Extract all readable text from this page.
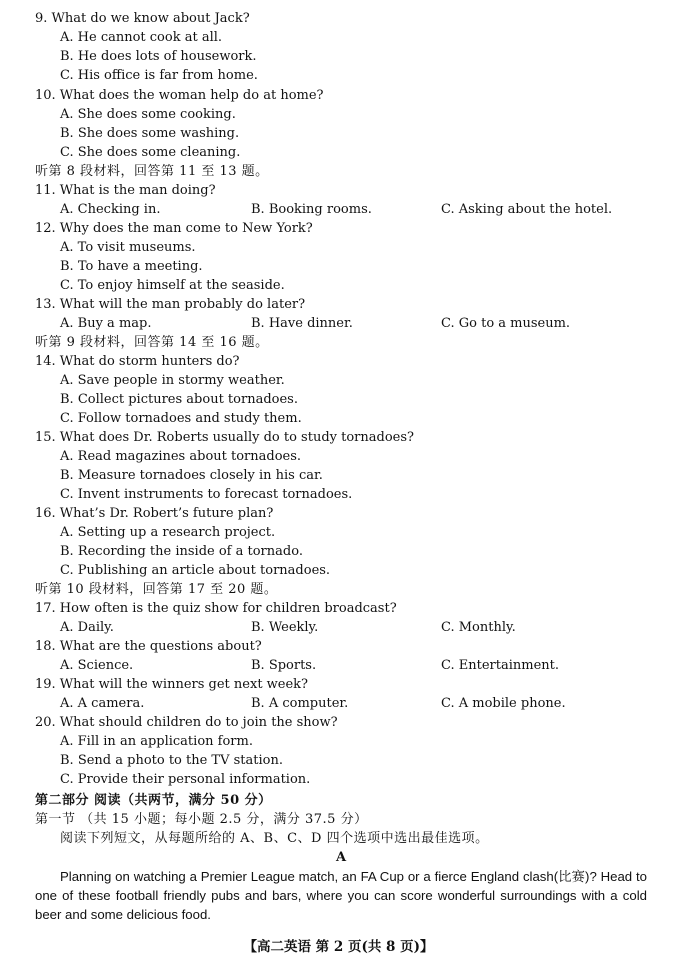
9. What do we know about Jack?
A. He cannot cook at all.
B. He does lots of housework.
C. His office is far from home.
10. What does the woman help do at home?
A. She does some cooking.
B. She does some washing.
C. She does some cleaning.
听第 8 段材料，回答第 11 至 13 题。
11. What is the man doing?
A. Checking in.	B. Booking rooms.	C. Asking about the hotel.
12. Why does the man come to New York?
A. To visit museums.
B. To have a meeting.
C. To enjoy himself at the seaside.
13. What will the man probably do later?
A. Buy a map.	B. Have dinner.	C. Go to a museum.
听第 9 段材料，回答第 14 至 16 题。
14. What do storm hunters do?
A. Save people in stormy weather.
B. Collect pictures about tornadoes.
C. Follow tornadoes and study them.
15. What does Dr. Roberts usually do to study tornadoes?
A. Read magazines about tornadoes.
B. Measure tornadoes closely in his car.
C. Invent instruments to forecast tornadoes.
16. What’s Dr. Robert’s future plan?
A. Setting up a research project.
B. Recording the inside of a tornado.
C. Publishing an article about tornadoes.
听第 10 段材料，回答第 17 至 20 题。
17. How often is the quiz show for children broadcast?
A. Daily.	B. Weekly.	C. Monthly.
18. What are the questions about?
A. Science.	B. Sports.	C. Entertainment.
19. What will the winners get next week?
A. A camera.	B. A computer.	C. A mobile phone.
20. What should children do to join the show?
A. Fill in an application form.
B. Send a photo to the TV station.
C. Provide their personal information.
第二部分 阅读（共两节，满分 50 分）
第一节 （共 15 小题；每小题 2.5 分，满分 37.5 分）
阅读下列短文，从每题所给的 A、B、C、D 四个选项中选出最佳选项。
A
Planning on watching a Premier League match, an FA Cup or a fierce England clash(比赛)? Head to one of these football friendly pubs and bars, where you can score wonderful surroundings with a cold beer and some delicious food.
【高二英语 第 2 页(共 8 页)】
